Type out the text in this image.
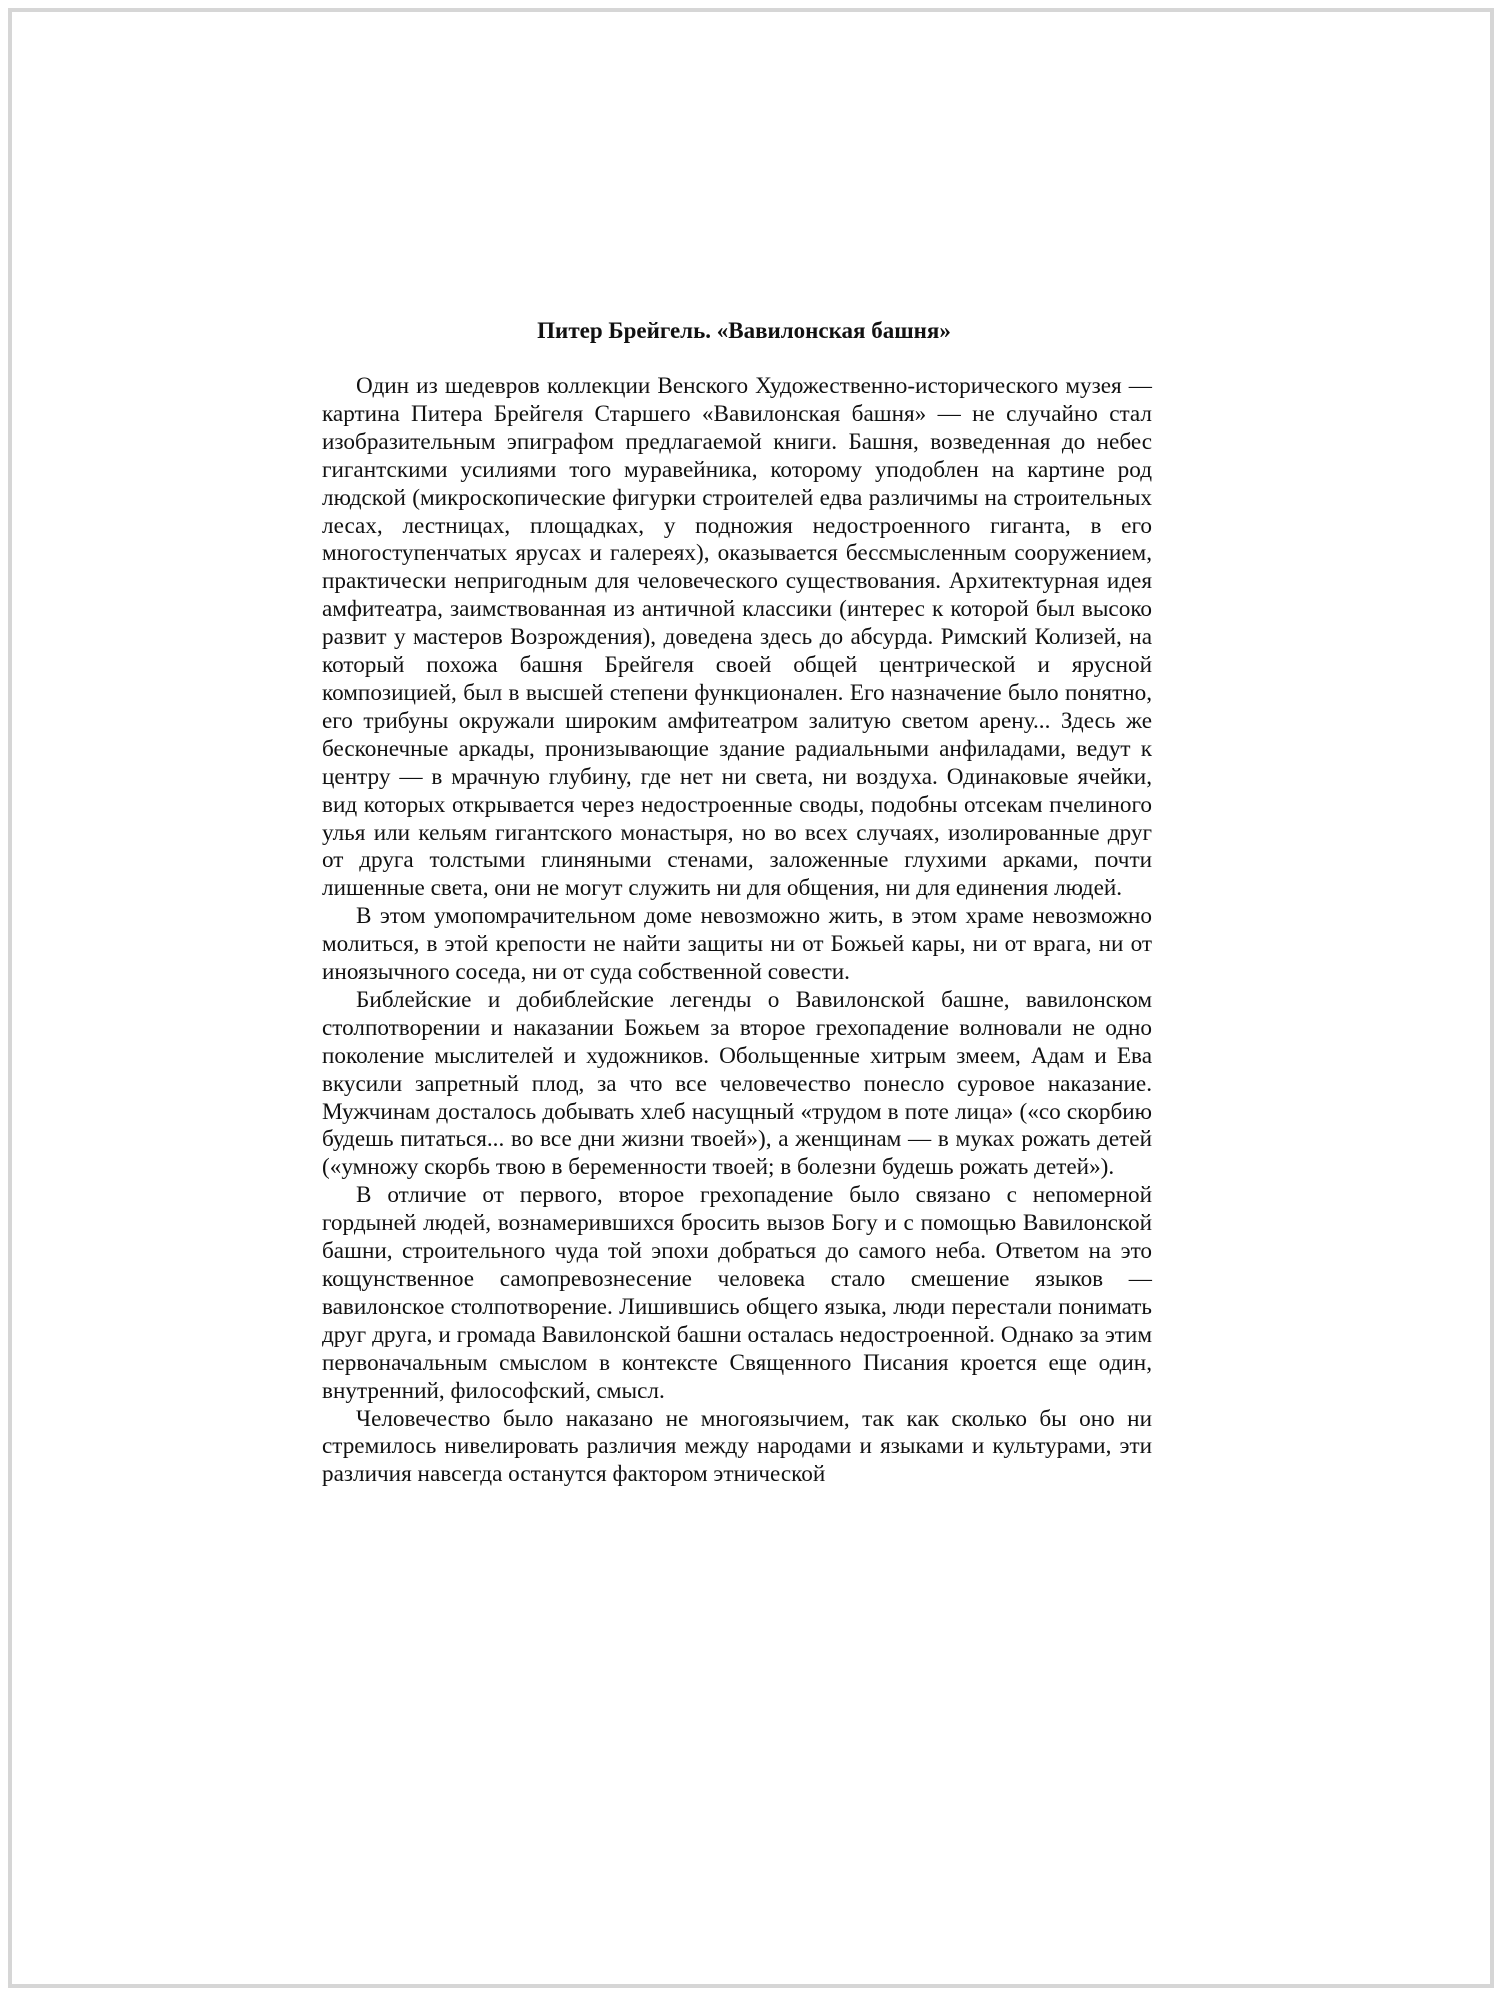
Питер Брейгель. «Вавилонская башня»

Один из шедевров коллекции Венского Художественно-исторического музея — картина Питера Брейгеля Старшего «Вавилонская башня» — не случайно стал изобразительным эпиграфом предлагаемой книги. Башня, возведенная до небес гигантскими усилиями того муравейника, которому уподоблен на картине род людской (микроскопические фигурки строителей едва различимы на строительных лесах, лестницах, площадках, у подножия недостроенного гиганта, в его многоступенчатых ярусах и галереях), оказывается бессмысленным сооружением, практически непригодным для человеческого существования. Архитектурная идея амфитеатра, заимствованная из античной классики (интерес к которой был высоко развит у мастеров Возрождения), доведена здесь до абсурда. Римский Колизей, на который похожа башня Брейгеля своей общей центрической и ярусной композицией, был в высшей степени функционален. Его назначение было понятно, его трибуны окружали широким амфитеатром залитую светом арену... Здесь же бесконечные аркады, пронизывающие здание радиальными анфиладами, ведут к центру — в мрачную глубину, где нет ни света, ни воздуха. Одинаковые ячейки, вид которых открывается через недостроенные своды, подобны отсекам пчелиного улья или кельям гигантского монастыря, но во всех случаях, изолированные друг от друга толстыми глиняными стенами, заложенные глухими арками, почти лишенные света, они не могут служить ни для общения, ни для единения людей.

В этом умопомрачительном доме невозможно жить, в этом храме невозможно молиться, в этой крепости не найти защиты ни от Божьей кары, ни от врага, ни от иноязычного соседа, ни от суда собственной совести.

Библейские и добиблейские легенды о Вавилонской башне, вавилонском столпотворении и наказании Божьем за второе грехопадение волновали не одно поколение мыслителей и художников. Обольщенные хитрым змеем, Адам и Ева вкусили запретный плод, за что все человечество понесло суровое наказание. Мужчинам досталось добывать хлеб насущный «трудом в поте лица» («со скорбию будешь питаться... во все дни жизни твоей»), а женщинам — в муках рожать детей («умножу скорбь твою в беременности твоей; в болезни будешь рожать детей»).

В отличие от первого, второе грехопадение было связано с непомерной гордыней людей, вознамерившихся бросить вызов Богу и с помощью Вавилонской башни, строительного чуда той эпохи добраться до самого неба. Ответом на это кощунственное самопревознесение человека стало смешение языков — вавилонское столпотворение. Лишившись общего языка, люди перестали понимать друг друга, и громада Вавилонской башни осталась недостроенной. Однако за этим первоначальным смыслом в контексте Священного Писания кроется еще один, внутренний, философский, смысл.

Человечество было наказано не многоязычием, так как сколько бы оно ни стремилось нивелировать различия между народами и языками и культурами, эти различия навсегда останутся фактором этнической
